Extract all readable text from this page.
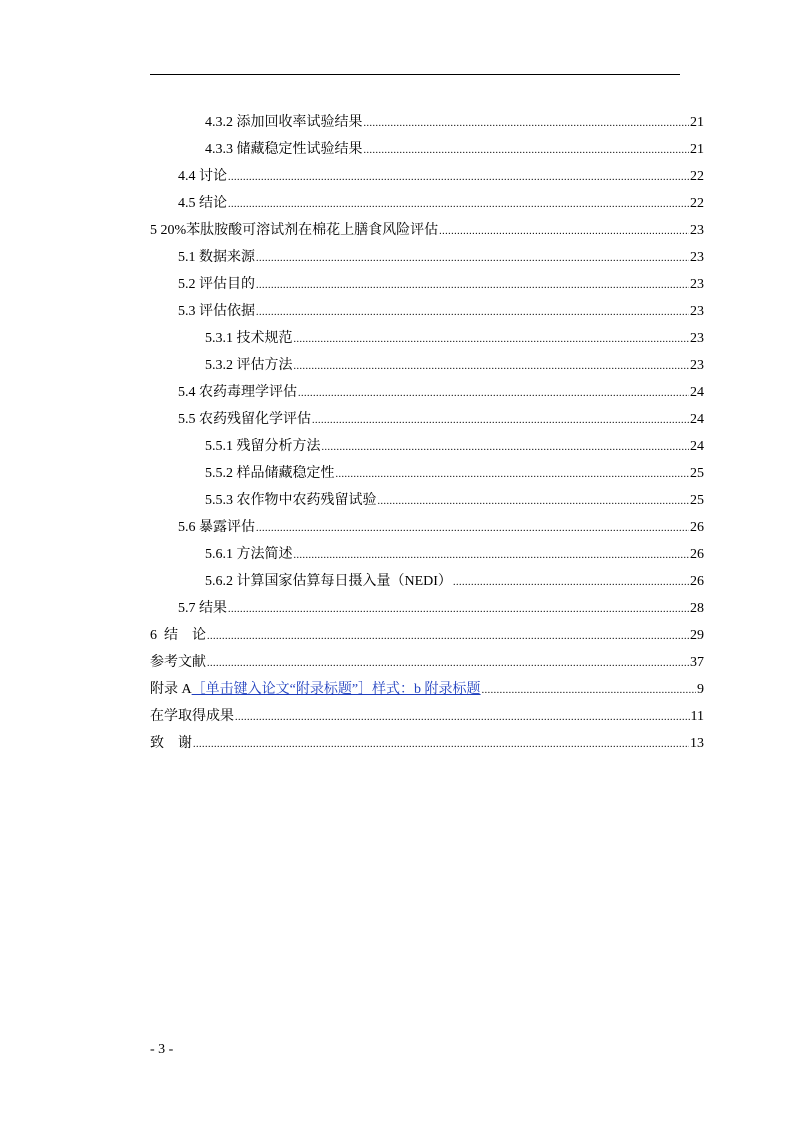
4.3.2 添加回收率试验结果 .....	21
4.3.3 储藏稳定性试验结果 .....	21
4.4 讨论 .....	22
4.5 结论 .....	22
5 20%苯肽胺酸可溶试剂在棉花上膳食风险评估 .....	23
5.1 数据来源 .....	23
5.2 评估目的 .....	23
5.3 评估依据 .....	23
5.3.1 技术规范 .....	23
5.3.2 评估方法 .....	23
5.4 农药毒理学评估 .....	24
5.5 农药残留化学评估 .....	24
5.5.1 残留分析方法 .....	24
5.5.2 样品储藏稳定性 .....	25
5.5.3 农作物中农药残留试验 .....	25
5.6 暴露评估 .....	26
5.6.1 方法简述 .....	26
5.6.2 计算国家估算每日摄入量（NEDI） .....	26
5.7 结果 .....	28
6  结　论 .....	29
参考文献 .....	37
附录 A ［单击键入论文“附录标题”］样式：b 附录标题 .....	9
在学取得成果 .....	11
致　谢 .....	13
- 3 -
